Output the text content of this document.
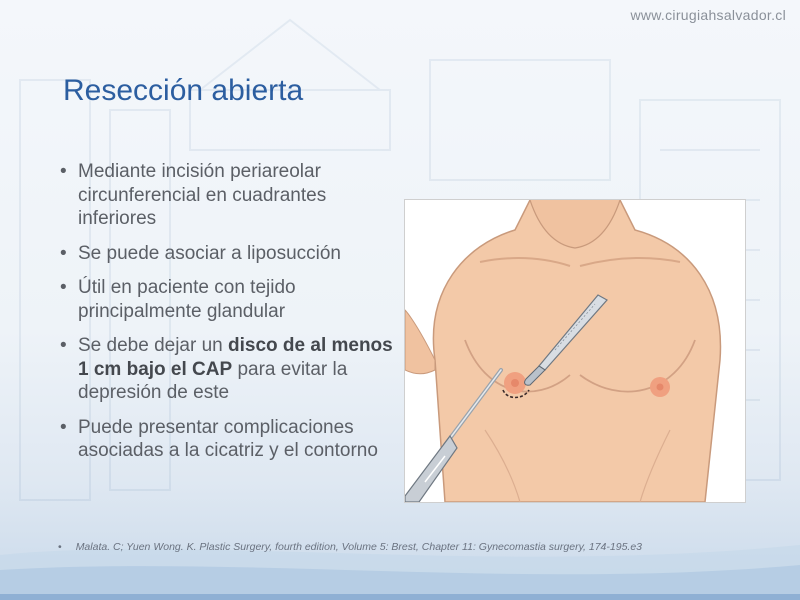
www.cirugiahsalvador.cl
Resección abierta
• Mediante incisión periareolar circunferencial en cuadrantes inferiores
• Se puede asociar a liposucción
• Útil en paciente con tejido principalmente glandular
• Se debe dejar un disco de al menos 1 cm bajo el CAP para evitar la depresión de este
• Puede presentar complicaciones asociadas a la cicatriz y el contorno
• Malata. C; Yuen Wong. K. Plastic Surgery, fourth edition, Volume 5: Brest, Chapter 11: Gynecomastia surgery, 174-195.e3
